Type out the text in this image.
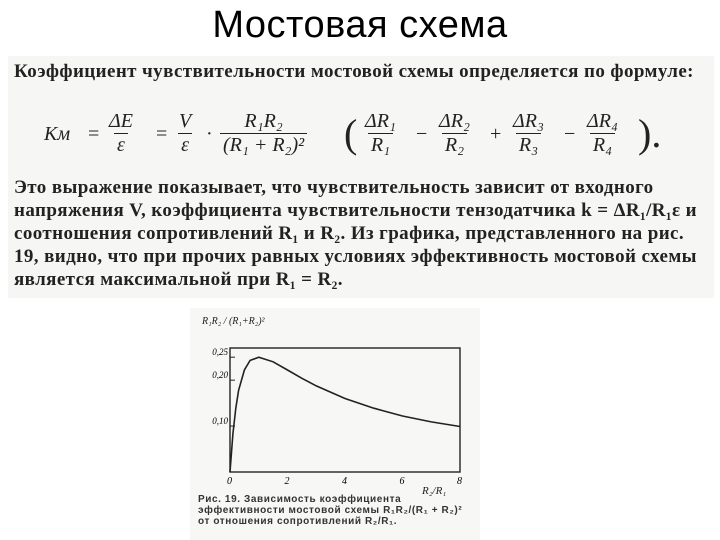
Мостовая схема

Коэффициент чувствительности мостовой схемы определяется по формуле:

Kм = $\frac{\Delta E}{\varepsilon} = \frac{V}{\varepsilon} \cdot \frac{\text{R₁R₂}}{\text{(R₁ + R₂)²}}$ ( $\frac{\text{ΔR₁}}{\text{R₁}} - \frac{\text{ΔR₂}}{\text{R₂}} + \frac{\text{ΔR₃}}{\text{R₃}} - \frac{\text{ΔR₄}}{\text{R₄}}$ ).

Это выражение показывает, что чувствительность зависит от входного напряжения V, коэффициента чувствительности тензодатчика k = ΔR₁/R₁ε и соотношения сопротивлений R₁ и R₂. Из графика, представленного на рис. 19, видно, что при прочих равных условиях эффективность мостовой схемы является максимальной при R₁ = R₂.

R₁R₂ / (R₁+R₂)²
0	2	4	6	8
0,10
0,20
0,25
R₂/R₁
Рис. 19. Зависимость коэффициента эффективности мостовой схемы R₁R₂/(R₁ + R₂)² от отношения сопротивлений R₂/R₁.
